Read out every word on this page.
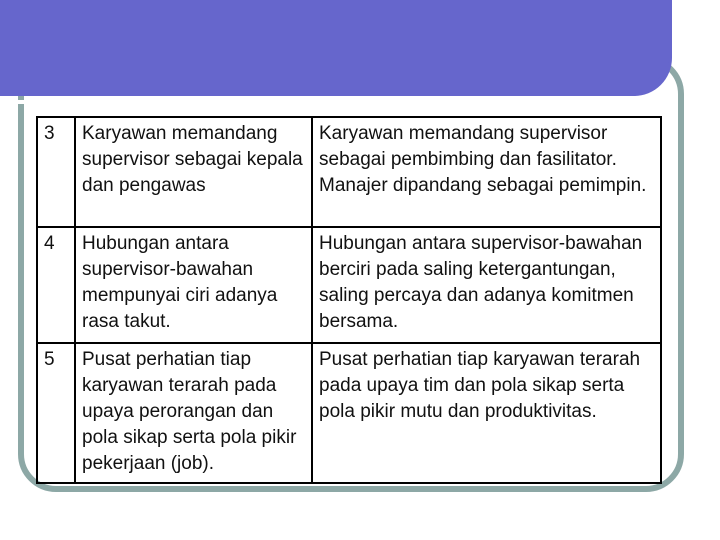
3	Karyawan memandang supervisor sebagai kepala dan pengawas	Karyawan memandang supervisor sebagai pembimbing dan fasilitator. Manajer dipandang sebagai pemimpin.
4	Hubungan antara supervisor-bawahan mempunyai ciri adanya rasa takut.	Hubungan antara supervisor-bawahan berciri pada saling ketergantungan, saling percaya dan adanya komitmen bersama.
5	Pusat perhatian tiap karyawan terarah pada upaya perorangan dan pola sikap serta pola pikir pekerjaan (job).	Pusat perhatian tiap karyawan terarah pada upaya tim dan pola sikap serta pola pikir mutu dan produktivitas.
